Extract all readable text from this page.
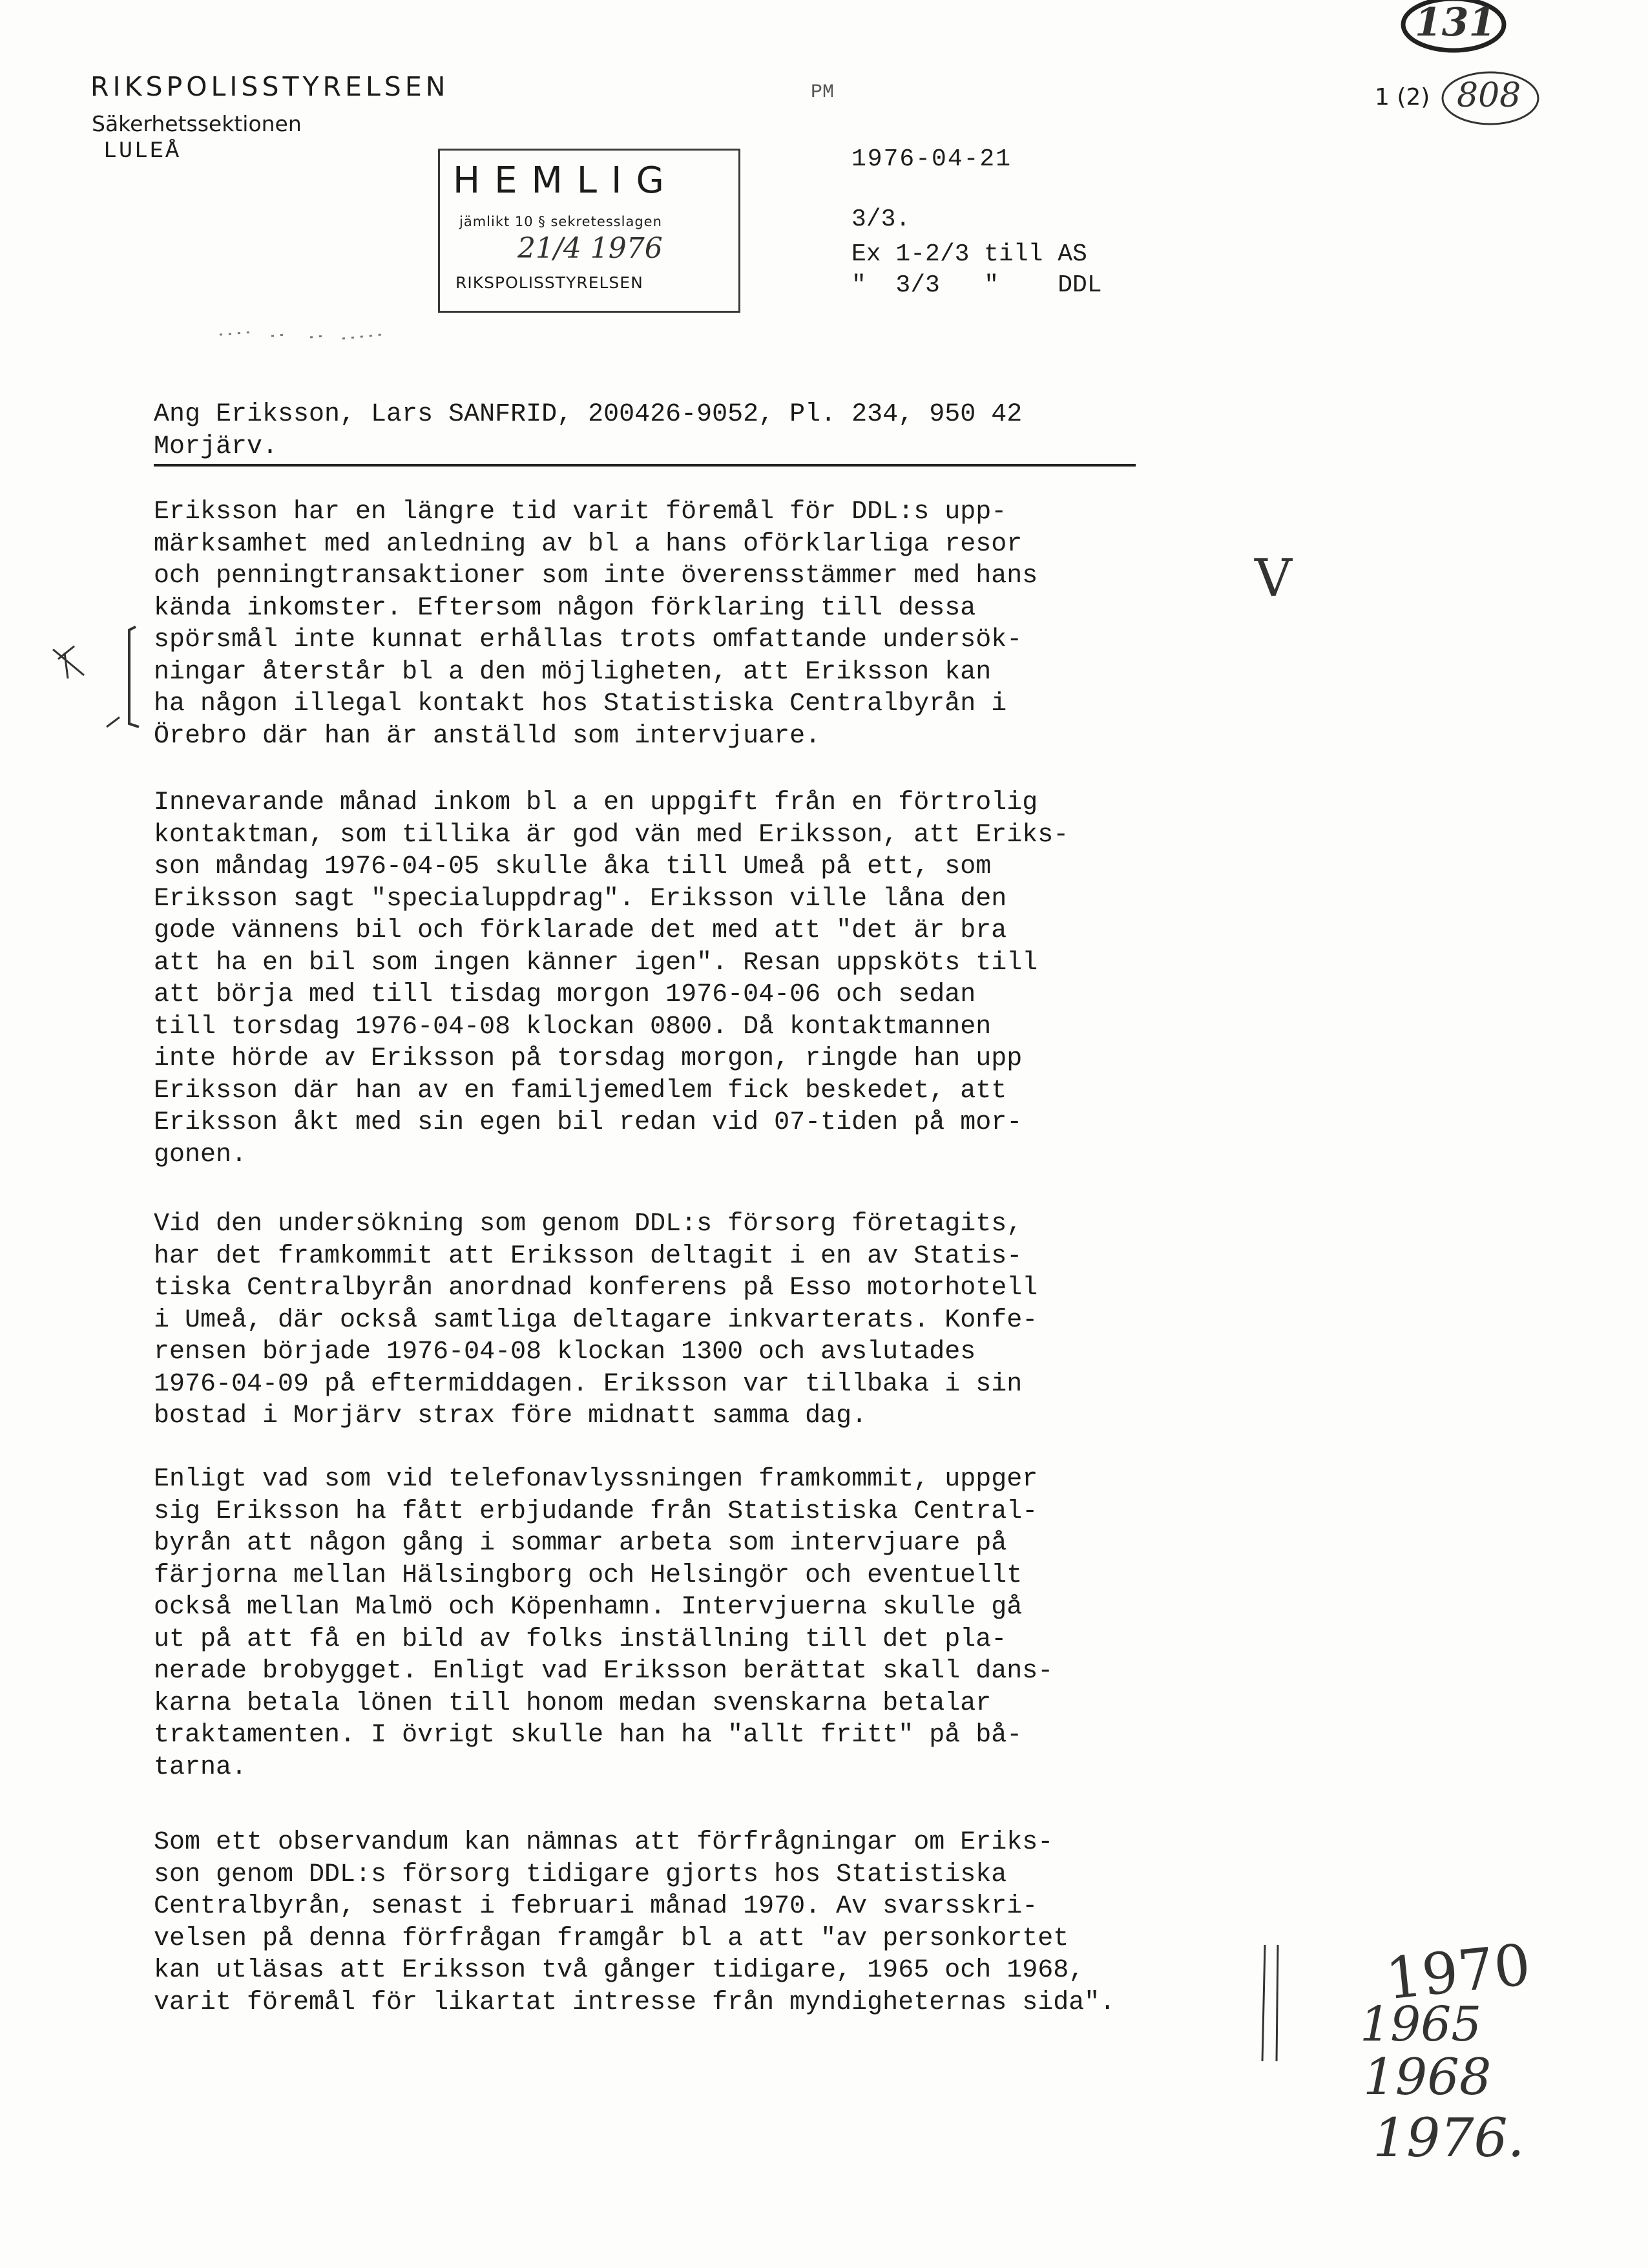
RIKSPOLISSTYRELSEN
Säkerhetssektionen
LULEÅ
PM
1976-04-21
3/3.
Ex 1-2/3 till AS
"  3/3   "    DDL
1 (2)
131
808
HEMLIG
jämlikt 10 § sekretesslagen
21/4 1976
RIKSPOLISSTYRELSEN
Ang Eriksson, Lars SANFRID, 200426-9052, Pl. 234, 950 42
Morjärv.

Eriksson har en längre tid varit föremål för DDL:s upp-

märksamhet med anledning av bl a hans oförklarliga resor

och penningtransaktioner som inte överensstämmer med hans

kända inkomster. Eftersom någon förklaring till dessa

spörsmål inte kunnat erhållas trots omfattande undersök-

ningar återstår bl a den möjligheten, att Eriksson kan

ha någon illegal kontakt hos Statistiska Centralbyrån i

Örebro där han är anställd som intervjuare.

Innevarande månad inkom bl a en uppgift från en förtrolig

kontaktman, som tillika är god vän med Eriksson, att Eriks-

son måndag 1976-04-05 skulle åka till Umeå på ett, som

Eriksson sagt "specialuppdrag". Eriksson ville låna den

gode vännens bil och förklarade det med att "det är bra

att ha en bil som ingen känner igen". Resan uppsköts till

att börja med till tisdag morgon 1976-04-06 och sedan

till torsdag 1976-04-08 klockan 0800. Då kontaktmannen

inte hörde av Eriksson på torsdag morgon, ringde han upp

Eriksson där han av en familjemedlem fick beskedet, att

Eriksson åkt med sin egen bil redan vid 07-tiden på mor-

gonen.

Vid den undersökning som genom DDL:s försorg företagits,

har det framkommit att Eriksson deltagit i en av Statis-

tiska Centralbyrån anordnad konferens på Esso motorhotell

i Umeå, där också samtliga deltagare inkvarterats. Konfe-

rensen började 1976-04-08 klockan 1300 och avslutades

1976-04-09 på eftermiddagen. Eriksson var tillbaka i sin

bostad i Morjärv strax före midnatt samma dag.

Enligt vad som vid telefonavlyssningen framkommit, uppger

sig Eriksson ha fått erbjudande från Statistiska Central-

byrån att någon gång i sommar arbeta som intervjuare på

färjorna mellan Hälsingborg och Helsingör och eventuellt

också mellan Malmö och Köpenhamn. Intervjuerna skulle gå

ut på att få en bild av folks inställning till det pla-

nerade brobygget. Enligt vad Eriksson berättat skall dans-

karna betala lönen till honom medan svenskarna betalar

traktamenten. I övrigt skulle han ha "allt fritt" på bå-

tarna.

Som ett observandum kan nämnas att förfrågningar om Eriks-

son genom DDL:s försorg tidigare gjorts hos Statistiska

Centralbyrån, senast i februari månad 1970. Av svarsskri-

velsen på denna förfrågan framgår bl a att "av personkortet

kan utläsas att Eriksson två gånger tidigare, 1965 och 1968,

varit föremål för likartat intresse från myndigheternas sida".

V
1970
1965
1968
1976.
